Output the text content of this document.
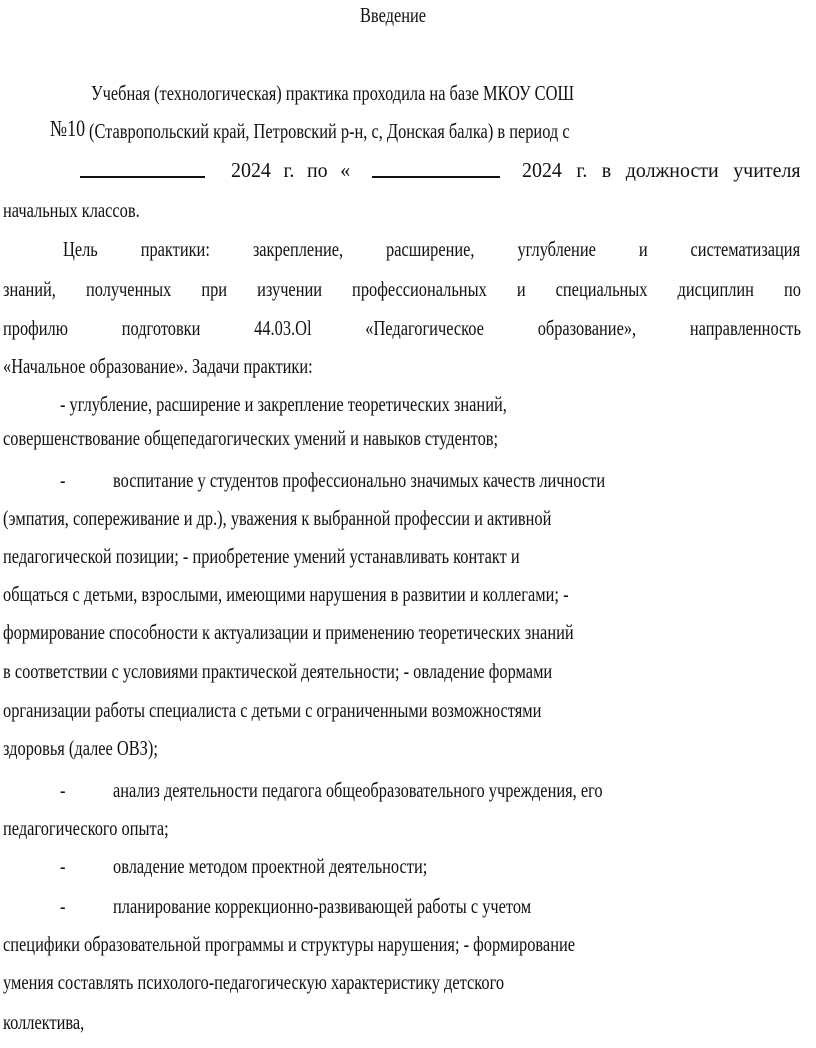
Введение
Учебная (технологическая) практика проходила на базе МКОУ СОШ
№10 (Ставропольский край, Петровский р-н, с, Донская балка) в период с
2024 г. по «	2024 г. в должности учителя
начальных классов.
Цель практики: закрепление, расширение, углубление и систематизация
знаний, полученных при изучении профессиональных и специальных дисциплин по
профилю подготовки 44.03.Ol «Педагогическое образование», направленность
«Начальное образование». Задачи практики:
- углубление, расширение и закрепление теоретических знаний,
совершенствование общепедагогических умений и навыков студентов;
- воспитание у студентов профессионально значимых качеств личности
(эмпатия, сопереживание и др.), уважения к выбранной профессии и активной
педагогической позиции; - приобретение умений устанавливать контакт и
общаться с детьми, взрослыми, имеющими нарушения в развитии и коллегами; -
формирование способности к актуализации и применению теоретических знаний
в соответствии с условиями практической деятельности; - овладение формами
организации работы специалиста с детьми с ограниченными возможностями
здоровья (далее ОВЗ);
- анализ деятельности педагога общеобразовательного учреждения, его
педагогического опыта;
- овладение методом проектной деятельности;
- планирование коррекционно-развивающей работы с учетом
специфики образовательной программы и структуры нарушения; - формирование
умения составлять психолого-педагогическую характеристику детского
коллектива,
